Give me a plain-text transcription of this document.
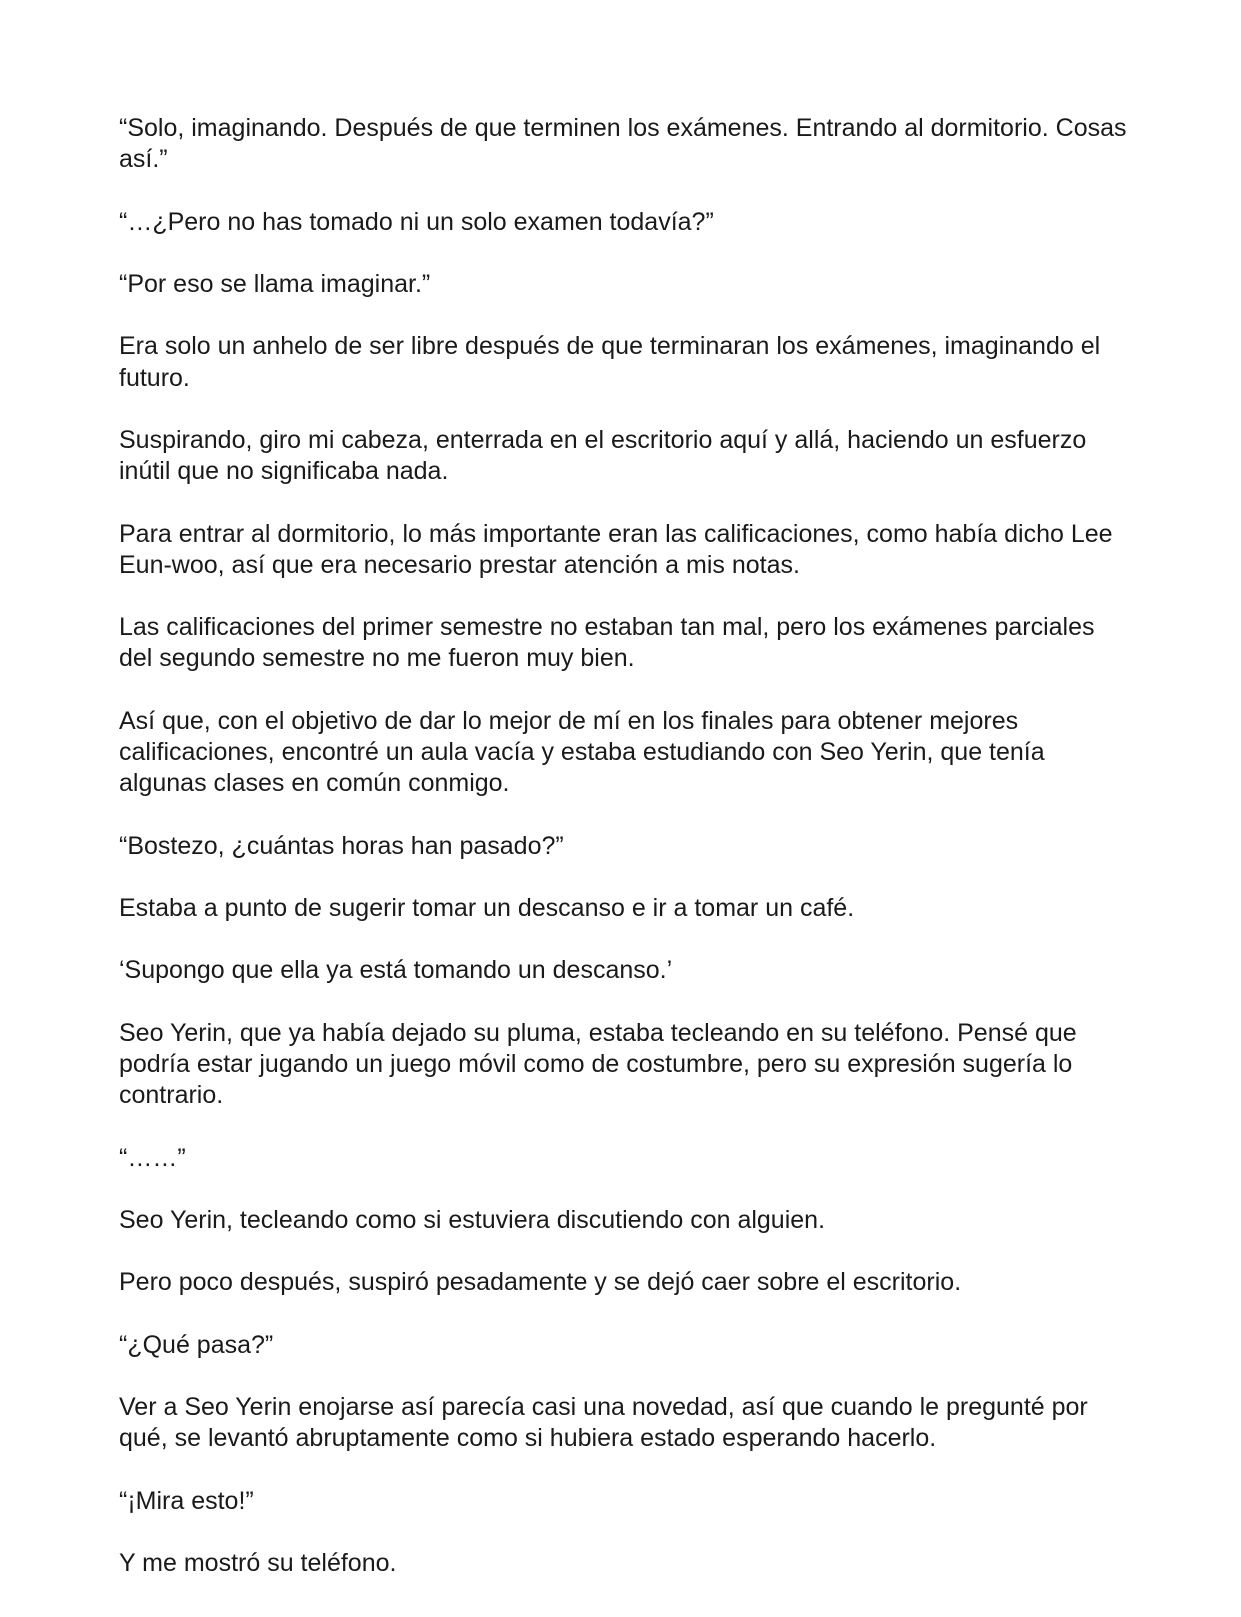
“Solo, imaginando. Después de que terminen los exámenes. Entrando al dormitorio. Cosas así.”

“…¿Pero no has tomado ni un solo examen todavía?”

“Por eso se llama imaginar.”

Era solo un anhelo de ser libre después de que terminaran los exámenes, imaginando el futuro.

Suspirando, giro mi cabeza, enterrada en el escritorio aquí y allá, haciendo un esfuerzo inútil que no significaba nada.

Para entrar al dormitorio, lo más importante eran las calificaciones, como había dicho Lee Eun-woo, así que era necesario prestar atención a mis notas.

Las calificaciones del primer semestre no estaban tan mal, pero los exámenes parciales del segundo semestre no me fueron muy bien.

Así que, con el objetivo de dar lo mejor de mí en los finales para obtener mejores calificaciones, encontré un aula vacía y estaba estudiando con Seo Yerin, que tenía algunas clases en común conmigo.

“Bostezo, ¿cuántas horas han pasado?”

Estaba a punto de sugerir tomar un descanso e ir a tomar un café.

‘Supongo que ella ya está tomando un descanso.’

Seo Yerin, que ya había dejado su pluma, estaba tecleando en su teléfono. Pensé que podría estar jugando un juego móvil como de costumbre, pero su expresión sugería lo contrario.

“……”

Seo Yerin, tecleando como si estuviera discutiendo con alguien.

Pero poco después, suspiró pesadamente y se dejó caer sobre el escritorio.

“¿Qué pasa?”

Ver a Seo Yerin enojarse así parecía casi una novedad, así que cuando le pregunté por qué, se levantó abruptamente como si hubiera estado esperando hacerlo.

“¡Mira esto!”

Y me mostró su teléfono.
